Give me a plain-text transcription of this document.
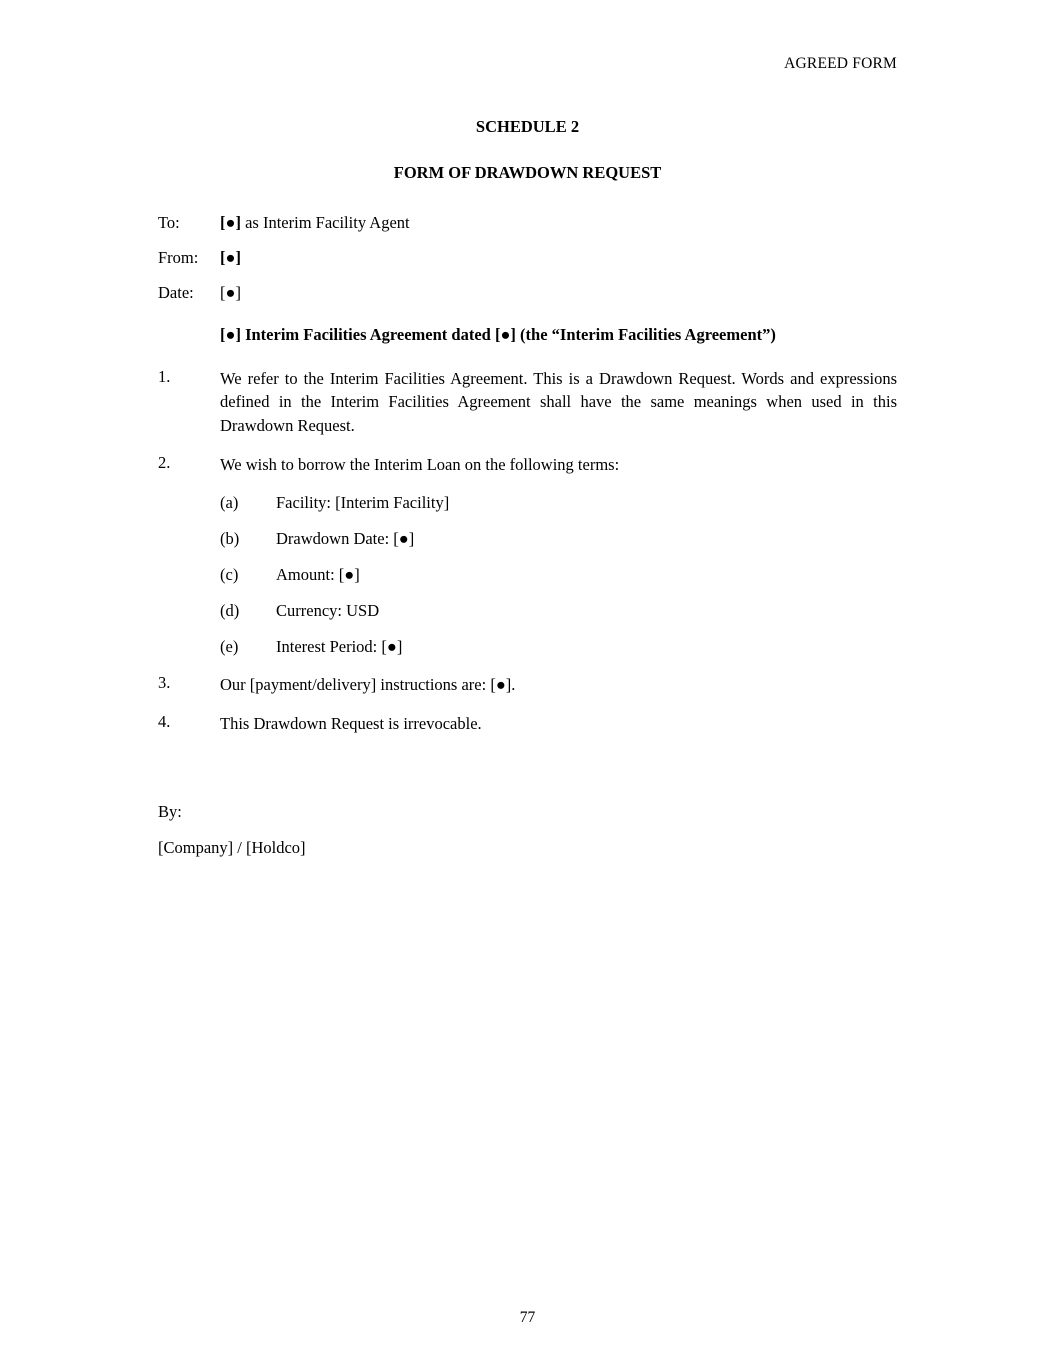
AGREED FORM
SCHEDULE 2
FORM OF DRAWDOWN REQUEST
To:	[●] as Interim Facility Agent
From:	[●]
Date:	[●]
[●] Interim Facilities Agreement dated [●] (the “Interim Facilities Agreement”)
1.	We refer to the Interim Facilities Agreement. This is a Drawdown Request. Words and expressions defined in the Interim Facilities Agreement shall have the same meanings when used in this Drawdown Request.
2.	We wish to borrow the Interim Loan on the following terms:
(a)	Facility: [Interim Facility]
(b)	Drawdown Date: [●]
(c)	Amount: [●]
(d)	Currency: USD
(e)	Interest Period: [●]
3.	Our [payment/delivery] instructions are: [●].
4.	This Drawdown Request is irrevocable.
By:
[Company] / [Holdco]
77
